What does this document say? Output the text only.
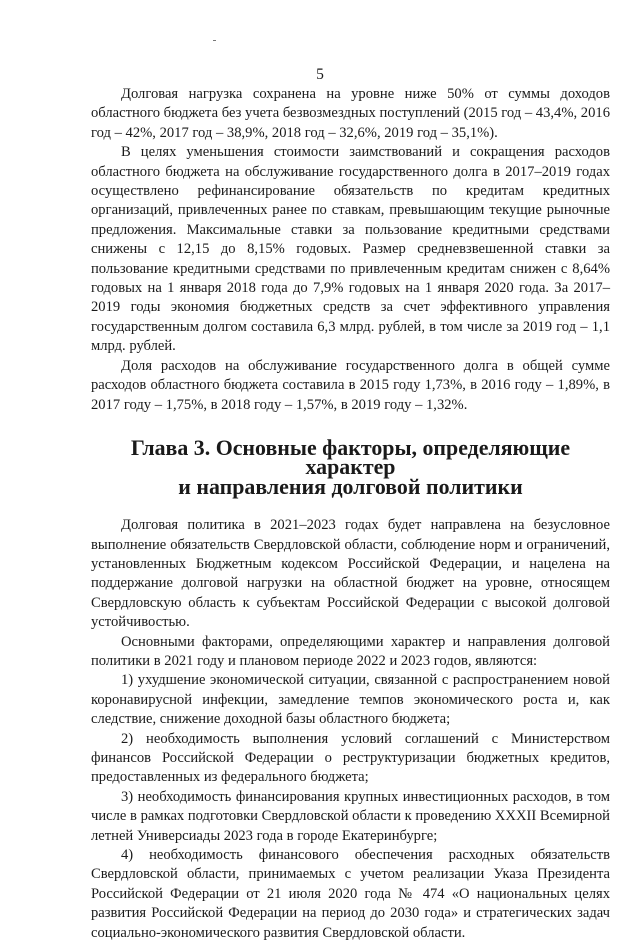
5

Долговая нагрузка сохранена на уровне ниже 50% от суммы доходов областного бюджета без учета безвозмездных поступлений (2015 год – 43,4%, 2016 год – 42%, 2017 год – 38,9%, 2018 год – 32,6%, 2019 год – 35,1%).

В целях уменьшения стоимости заимствований и сокращения расходов областного бюджета на обслуживание государственного долга в 2017–2019 годах осуществлено рефинансирование обязательств по кредитам кредитных организаций, привлеченных ранее по ставкам, превышающим текущие рыночные предложения. Максимальные ставки за пользование кредитными средствами снижены с 12,15 до 8,15% годовых. Размер средневзвешенной ставки за пользование кредитными средствами по привлеченным кредитам снижен с 8,64% годовых на 1 января 2018 года до 7,9% годовых на 1 января 2020 года. За 2017–2019 годы экономия бюджетных средств за счет эффективного управления государственным долгом составила 6,3 млрд. рублей, в том числе за 2019 год – 1,1 млрд. рублей.

Доля расходов на обслуживание государственного долга в общей сумме расходов областного бюджета составила в 2015 году 1,73%, в 2016 году – 1,89%, в 2017 году – 1,75%, в 2018 году – 1,57%, в 2019 году – 1,32%.

Глава 3. Основные факторы, определяющие характер
и направления долговой политики

Долговая политика в 2021–2023 годах будет направлена на безусловное выполнение обязательств Свердловской области, соблюдение норм и ограничений, установленных Бюджетным кодексом Российской Федерации, и нацелена на поддержание долговой нагрузки на областной бюджет на уровне, относящем Свердловскую область к субъектам Российской Федерации с высокой долговой устойчивостью.

Основными факторами, определяющими характер и направления долговой политики в 2021 году и плановом периоде 2022 и 2023 годов, являются:

1) ухудшение экономической ситуации, связанной с распространением новой коронавирусной инфекции, замедление темпов экономического роста и, как следствие, снижение доходной базы областного бюджета;

2) необходимость выполнения условий соглашений с Министерством финансов Российской Федерации о реструктуризации бюджетных кредитов, предоставленных из федерального бюджета;

3) необходимость финансирования крупных инвестиционных расходов, в том числе в рамках подготовки Свердловской области к проведению XXXII Всемирной летней Универсиады 2023 года в городе Екатеринбурге;

4) необходимость финансового обеспечения расходных обязательств Свердловской области, принимаемых с учетом реализации Указа Президента Российской Федерации от 21 июля 2020 года № 474 «О национальных целях развития Российской Федерации на период до 2030 года» и стратегических задач социально-экономического развития Свердловской области.
